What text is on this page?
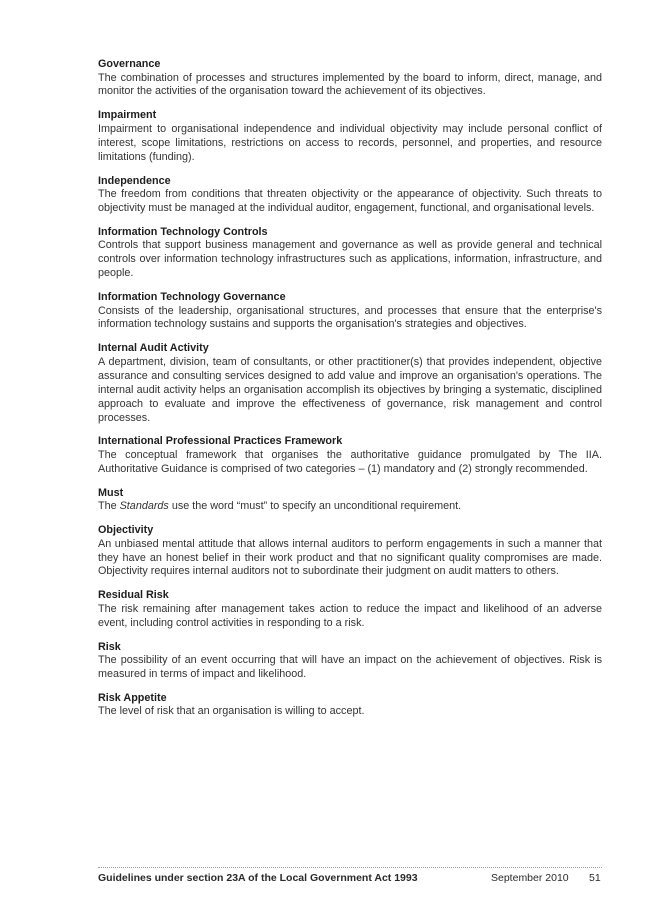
Governance
The combination of processes and structures implemented by the board to inform, direct, manage, and monitor the activities of the organisation toward the achievement of its objectives.
Impairment
Impairment to organisational independence and individual objectivity may include personal conflict of interest, scope limitations, restrictions on access to records, personnel, and properties, and resource limitations (funding).
Independence
The freedom from conditions that threaten objectivity or the appearance of objectivity. Such threats to objectivity must be managed at the individual auditor, engagement, functional, and organisational levels.
Information Technology Controls
Controls that support business management and governance as well as provide general and technical controls over information technology infrastructures such as applications, information, infrastructure, and people.
Information Technology Governance
Consists of the leadership, organisational structures, and processes that ensure that the enterprise's information technology sustains and supports the organisation's strategies and objectives.
Internal Audit Activity
A department, division, team of consultants, or other practitioner(s) that provides independent, objective assurance and consulting services designed to add value and improve an organisation's operations. The internal audit activity helps an organisation accomplish its objectives by bringing a systematic, disciplined approach to evaluate and improve the effectiveness of governance, risk management and control processes.
International Professional Practices Framework
The conceptual framework that organises the authoritative guidance promulgated by The IIA. Authoritative Guidance is comprised of two categories – (1) mandatory and (2) strongly recommended.
Must
The Standards use the word “must” to specify an unconditional requirement.
Objectivity
An unbiased mental attitude that allows internal auditors to perform engagements in such a manner that they have an honest belief in their work product and that no significant quality compromises are made. Objectivity requires internal auditors not to subordinate their judgment on audit matters to others.
Residual Risk
The risk remaining after management takes action to reduce the impact and likelihood of an adverse event, including control activities in responding to a risk.
Risk
The possibility of an event occurring that will have an impact on the achievement of objectives. Risk is measured in terms of impact and likelihood.
Risk Appetite
The level of risk that an organisation is willing to accept.
Guidelines under section 23A of the Local Government Act 1993	September 2010 51
